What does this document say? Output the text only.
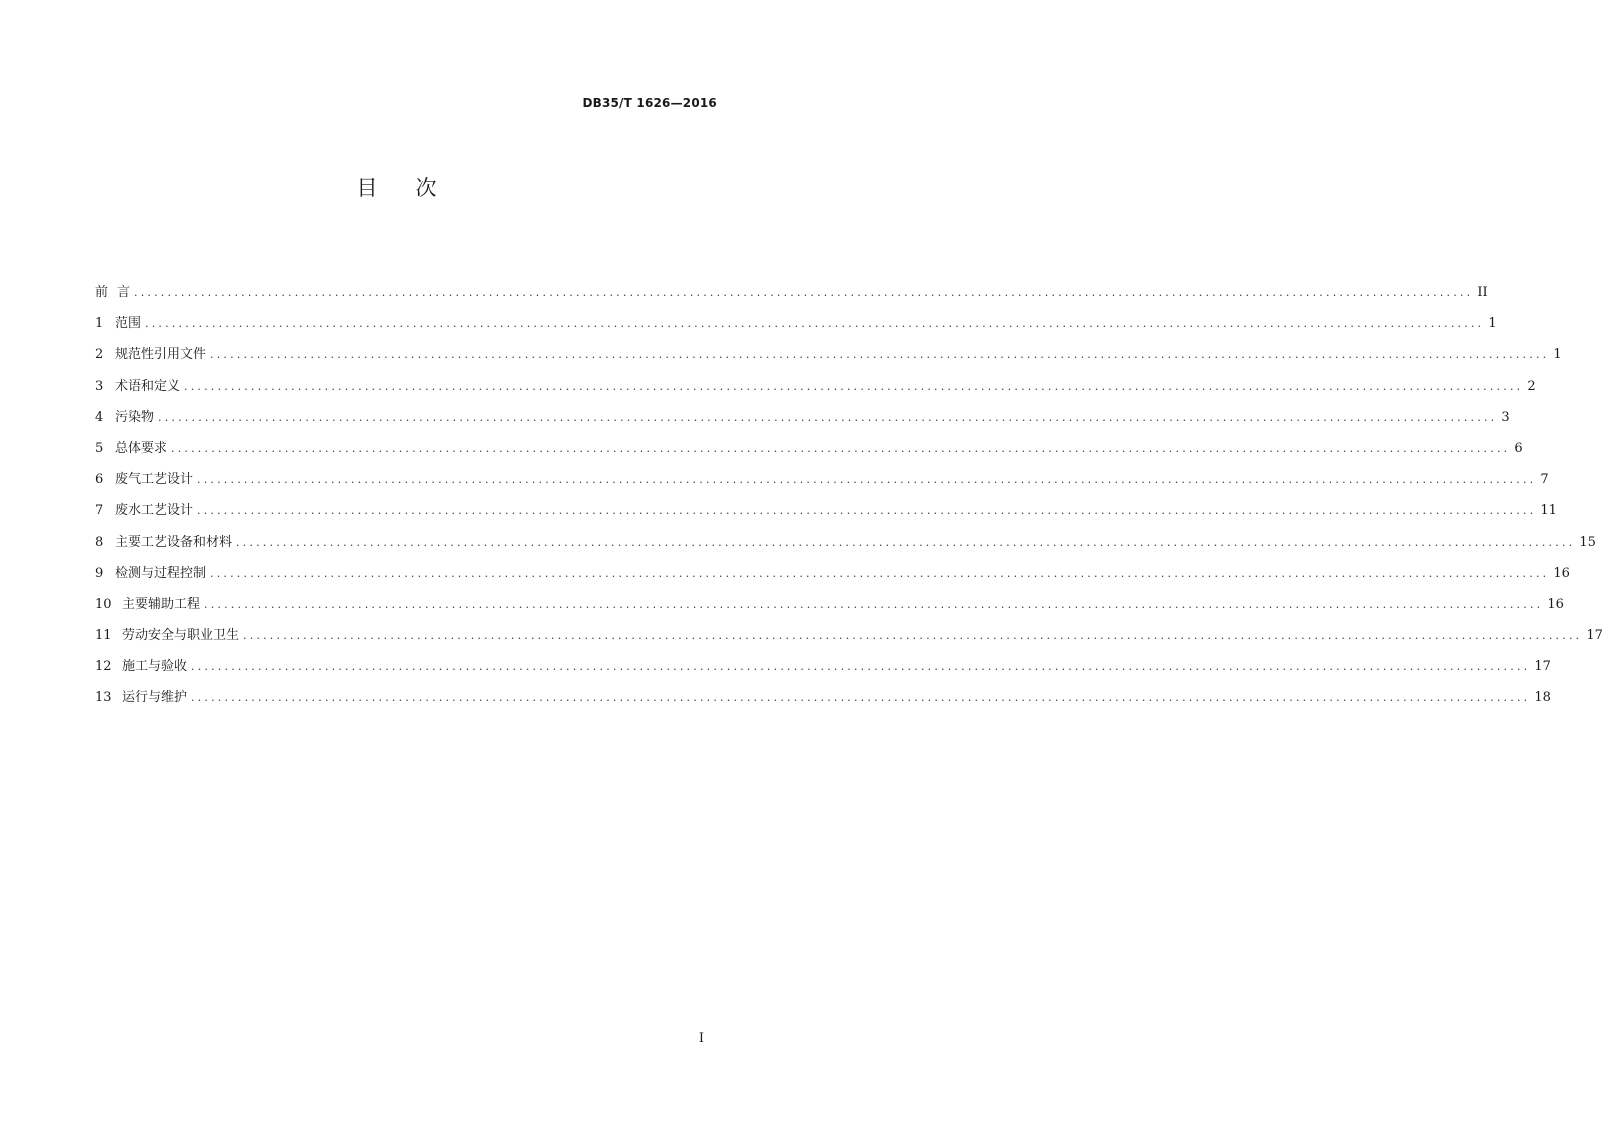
DB35/T 1626—2016
目次
前 言 ........................................................................................................................................................................................................ II
1 范围 ........................................................................................................................................................................................................ 1
2 规范性引用文件 ........................................................................................................................................................................................................ 1
3 术语和定义 ........................................................................................................................................................................................................ 2
4 污染物 ........................................................................................................................................................................................................ 3
5 总体要求 ........................................................................................................................................................................................................ 6
6 废气工艺设计 ........................................................................................................................................................................................................ 7
7 废水工艺设计 ........................................................................................................................................................................................................ 11
8 主要工艺设备和材料 ........................................................................................................................................................................................................ 15
9 检测与过程控制 ........................................................................................................................................................................................................ 16
10 主要辅助工程 ........................................................................................................................................................................................................ 16
11 劳动安全与职业卫生 ........................................................................................................................................................................................................ 17
12 施工与验收 ........................................................................................................................................................................................................ 17
13 运行与维护 ........................................................................................................................................................................................................ 18
I
